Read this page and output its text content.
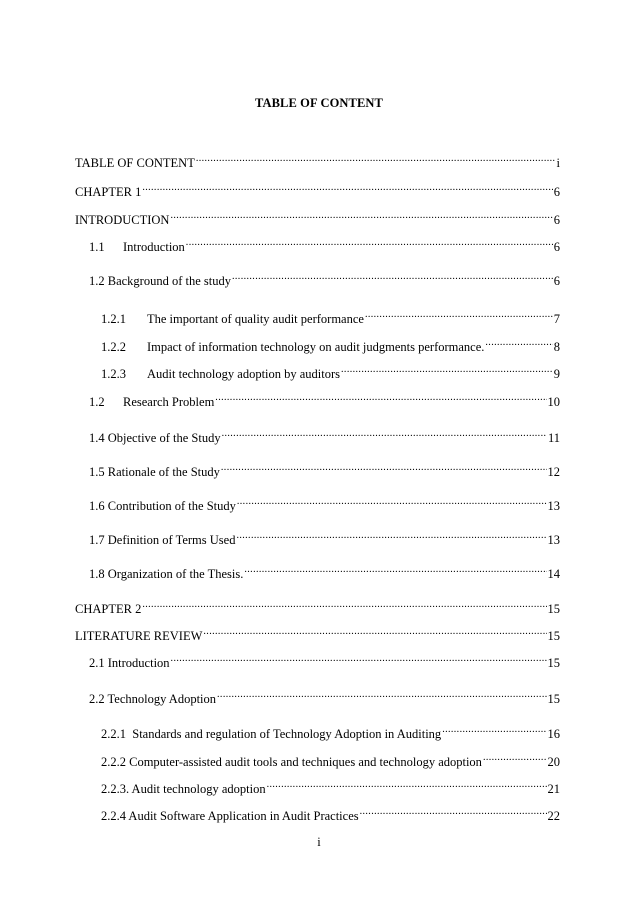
TABLE OF CONTENT
TABLE OF CONTENT .....	i
CHAPTER 1 .....	6
INTRODUCTION .....	6
1.1	Introduction .....	6
1.2 Background of the study .....	6
1.2.1	The important of quality audit performance .....	7
1.2.2	Impact of information technology on audit judgments performance. .....	8
1.2.3	Audit technology adoption by auditors .....	9
1.2	Research Problem .....	10
1.4 Objective of the Study .....	11
1.5 Rationale of the Study .....	12
1.6 Contribution of the Study .....	13
1.7 Definition of Terms Used .....	13
1.8 Organization of the Thesis. .....	14
CHAPTER 2 .....	15
LITERATURE REVIEW .....	15
2.1 Introduction .....	15
2.2 Technology Adoption .....	15
2.2.1  Standards and regulation of Technology Adoption in Auditing .....	16
2.2.2 Computer-assisted audit tools and techniques and technology adoption .....	20
2.2.3. Audit technology adoption .....	21
2.2.4 Audit Software Application in Audit Practices .....	22
i
